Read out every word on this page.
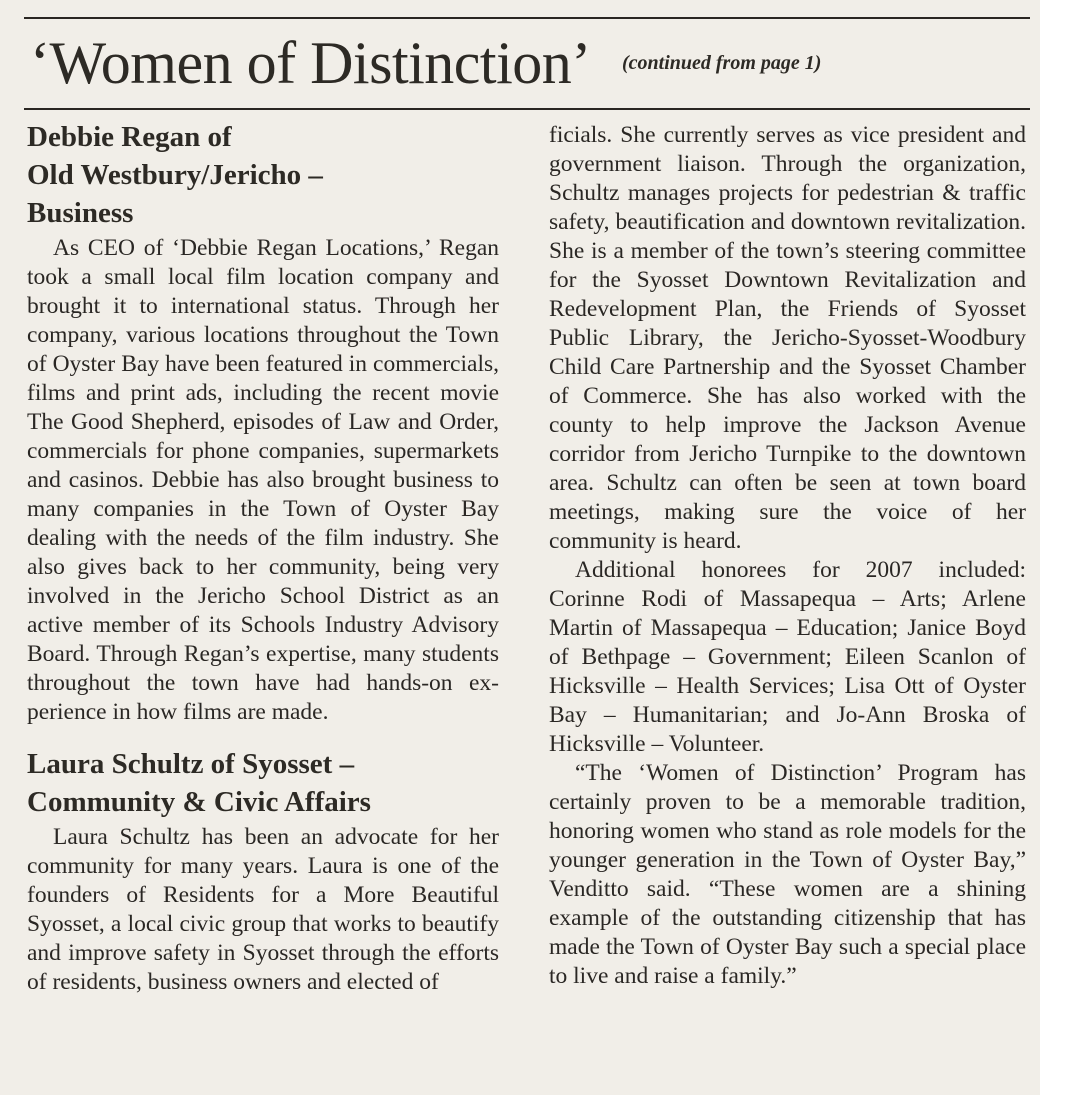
‘Women of Distinction’ (continued from page 1)
Debbie Regan of
Old Westbury/Jericho –
Business

As CEO of ‘Debbie Regan Locations,’ Regan took a small local film location company and brought it to international status. Through her company, various locations throughout the Town of Oyster Bay have been featured in commercials, films and print ads, including the recent movie The Good Shepherd, episodes of Law and Order, commercials for phone companies, supermarkets and casinos. Debbie has also brought business to many companies in the Town of Oyster Bay dealing with the needs of the film industry. She also gives back to her community, being very involved in the Jericho School District as an active member of its Schools Industry Advisory Board. Through Regan’s expertise, many students throughout the town have had hands-on experience in how films are made.

Laura Schultz of Syosset –
Community & Civic Affairs

Laura Schultz has been an advocate for her community for many years. Laura is one of the founders of Residents for a More Beautiful Syosset, a local civic group that works to beautify and improve safety in Syosset through the efforts of residents, business owners and elected of

ficials. She currently serves as vice president and government liaison. Through the organization, Schultz manages projects for pedestrian & traffic safety, beautification and downtown revitalization. She is a member of the town’s steering committee for the Syosset Downtown Revitalization and Redevelopment Plan, the Friends of Syosset Public Library, the Jericho-Syosset-Woodbury Child Care Partnership and the Syosset Chamber of Commerce. She has also worked with the county to help improve the Jackson Avenue corridor from Jericho Turnpike to the downtown area. Schultz can often be seen at town board meetings, making sure the voice of her community is heard.

Additional honorees for 2007 included: Corinne Rodi of Massapequa – Arts; Arlene Martin of Massapequa – Education; Janice Boyd of Bethpage – Government; Eileen Scanlon of Hicksville – Health Services; Lisa Ott of Oyster Bay – Humanitarian; and Jo-Ann Broska of Hicksville – Volunteer.

“The ‘Women of Distinction’ Program has certainly proven to be a memorable tradition, honoring women who stand as role models for the younger generation in the Town of Oyster Bay,” Venditto said. “These women are a shining example of the outstanding citizenship that has made the Town of Oyster Bay such a special place to live and raise a family.”
